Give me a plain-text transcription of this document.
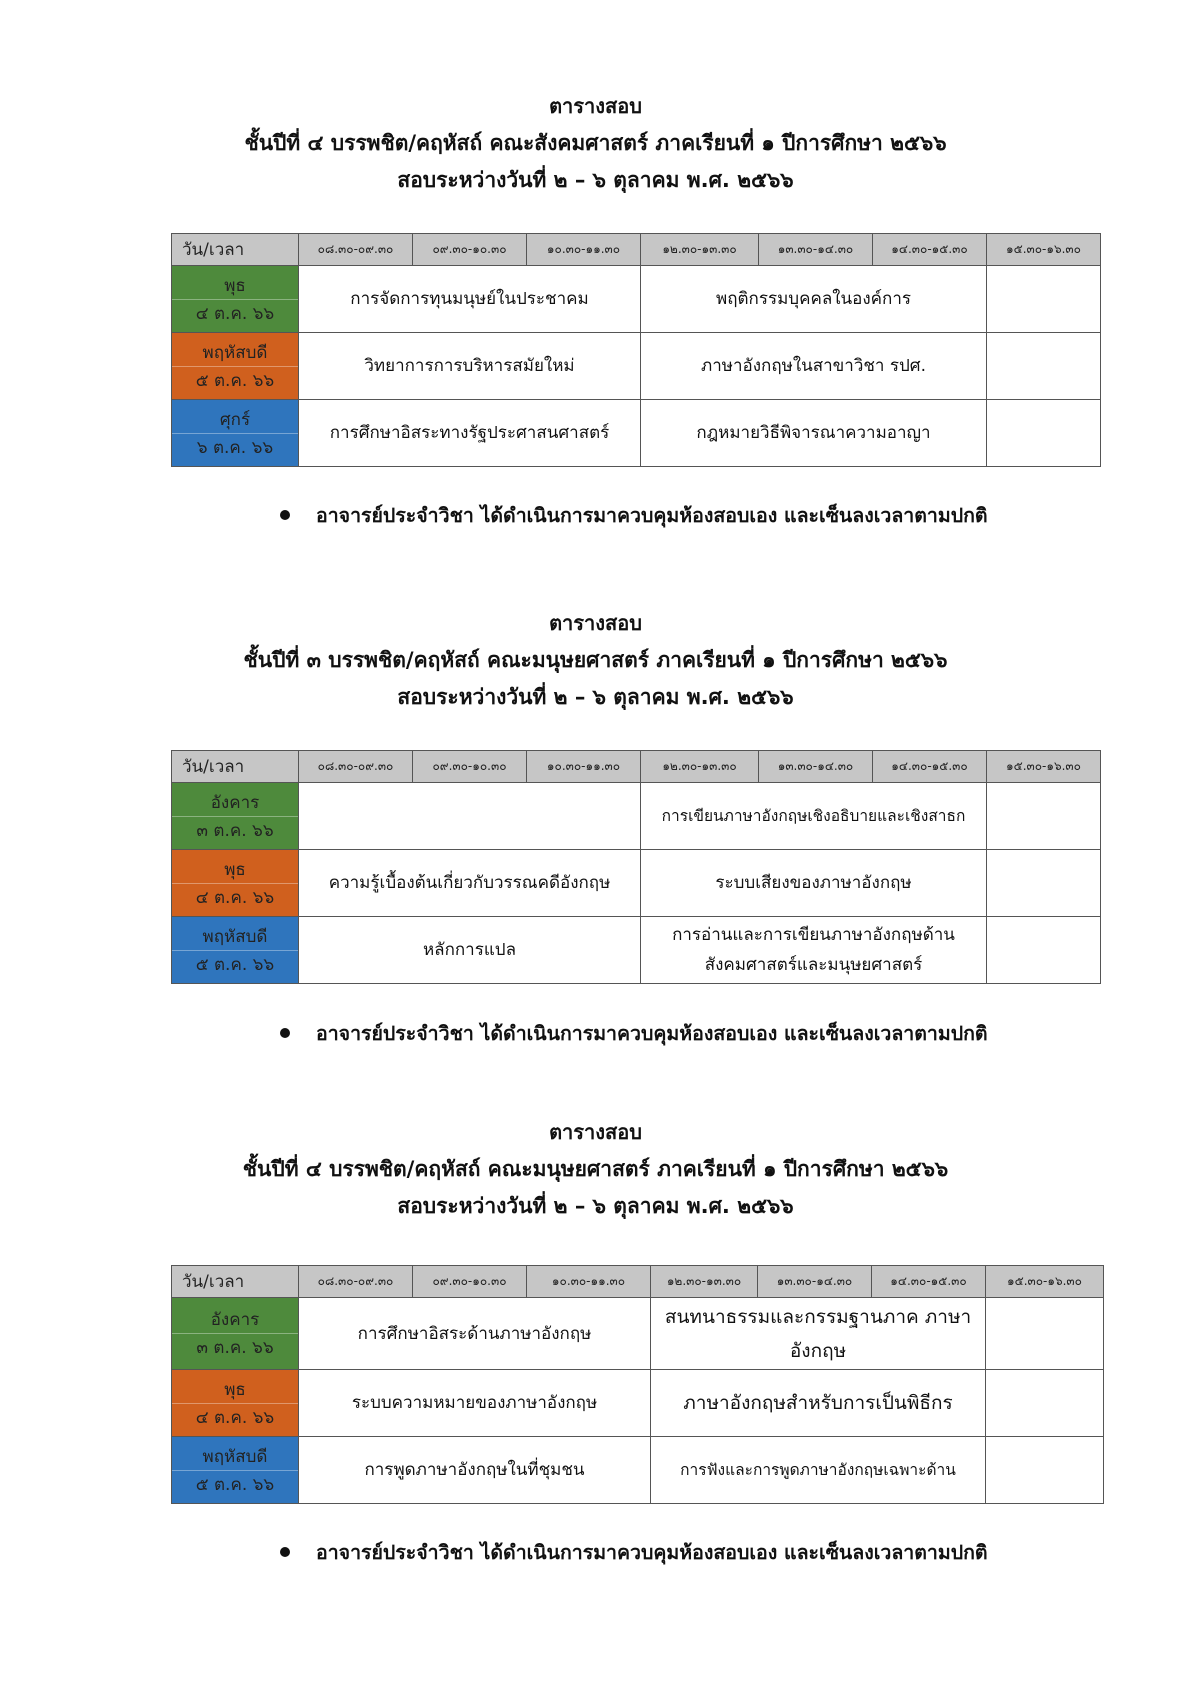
ตารางสอบ
ชั้นปีที่ ๔ บรรพชิต/คฤหัสถ์ คณะสังคมศาสตร์ ภาคเรียนที่ ๑ ปีการศึกษา ๒๕๖๖
สอบระหว่างวันที่ ๒ – ๖ ตุลาคม พ.ศ. ๒๕๖๖
วัน/เวลา	๐๘.๓๐-๐๙.๓๐	๐๙.๓๐-๑๐.๓๐	๑๐.๓๐-๑๑.๓๐	๑๒.๓๐-๑๓.๓๐	๑๓.๓๐-๑๔.๓๐	๑๔.๓๐-๑๕.๓๐	๑๕.๓๐-๑๖.๓๐

พุธ
๔ ต.ค. ๖๖	การจัดการทุนมนุษย์ในประชาคม			พฤติกรรมบุคคลในองค์การ			

พฤหัสบดี
๕ ต.ค. ๖๖	วิทยาการการบริหารสมัยใหม่			ภาษาอังกฤษในสาขาวิชา รปศ.			

ศุกร์
๖ ต.ค. ๖๖	การศึกษาอิสระทางรัฐประศาสนศาสตร์			กฎหมายวิธีพิจารณาความอาญา			
อาจารย์ประจำวิชา ได้ดำเนินการมาควบคุมห้องสอบเอง และเซ็นลงเวลาตามปกติ
ตารางสอบ
ชั้นปีที่ ๓ บรรพชิต/คฤหัสถ์ คณะมนุษยศาสตร์ ภาคเรียนที่ ๑ ปีการศึกษา ๒๕๖๖
สอบระหว่างวันที่ ๒ – ๖ ตุลาคม พ.ศ. ๒๕๖๖
วัน/เวลา	๐๘.๓๐-๐๙.๓๐	๐๙.๓๐-๑๐.๓๐	๑๐.๓๐-๑๑.๓๐	๑๒.๓๐-๑๓.๓๐	๑๓.๓๐-๑๔.๓๐	๑๔.๓๐-๑๕.๓๐	๑๕.๓๐-๑๖.๓๐

อังคาร
๓ ต.ค. ๖๖				การเขียนภาษาอังกฤษเชิงอธิบายและเชิงสาธก			

พุธ
๔ ต.ค. ๖๖	ความรู้เบื้องต้นเกี่ยวกับวรรณคดีอังกฤษ			ระบบเสียงของภาษาอังกฤษ			

พฤหัสบดี
๕ ต.ค. ๖๖	หลักการแปล			การอ่านและการเขียนภาษาอังกฤษด้าน สังคมศาสตร์และมนุษยศาสตร์			
อาจารย์ประจำวิชา ได้ดำเนินการมาควบคุมห้องสอบเอง และเซ็นลงเวลาตามปกติ
ตารางสอบ
ชั้นปีที่ ๔ บรรพชิต/คฤหัสถ์ คณะมนุษยศาสตร์ ภาคเรียนที่ ๑ ปีการศึกษา ๒๕๖๖
สอบระหว่างวันที่ ๒ – ๖ ตุลาคม พ.ศ. ๒๕๖๖
วัน/เวลา	๐๘.๓๐-๐๙.๓๐	๐๙.๓๐-๑๐.๓๐	๑๐.๓๐-๑๑.๓๐	๑๒.๓๐-๑๓.๓๐	๑๓.๓๐-๑๔.๓๐	๑๔.๓๐-๑๕.๓๐	๑๕.๓๐-๑๖.๓๐

อังคาร
๓ ต.ค. ๖๖	การศึกษาอิสระด้านภาษาอังกฤษ			สนทนาธรรมและกรรมฐานภาค ภาษาอังกฤษ			

พุธ
๔ ต.ค. ๖๖	ระบบความหมายของภาษาอังกฤษ			ภาษาอังกฤษสำหรับการเป็นพิธีกร			

พฤหัสบดี
๕ ต.ค. ๖๖	การพูดภาษาอังกฤษในที่ชุมชน			การฟังและการพูดภาษาอังกฤษเฉพาะด้าน			
อาจารย์ประจำวิชา ได้ดำเนินการมาควบคุมห้องสอบเอง และเซ็นลงเวลาตามปกติ
